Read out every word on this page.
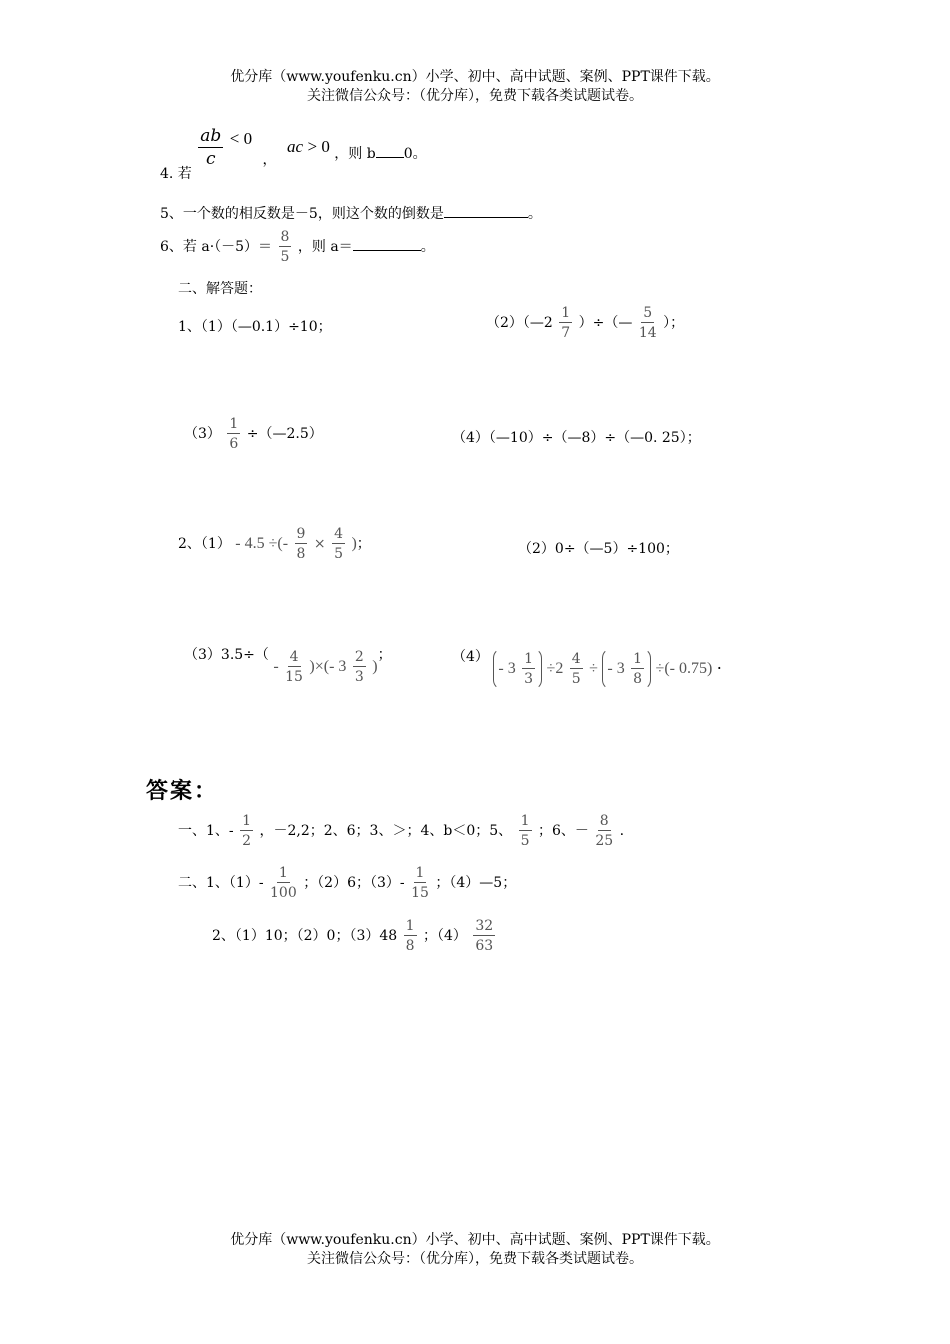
优分库（www.youfenku.cn）小学、初中、高中试题、案例、PPT课件下载。
关注微信公众号：（优分库），免费下载各类试题试卷。
4. 若
$\frac{ab}{c} < 0$ ， ac > 0 ，则 b 0。
5、一个数的相反数是－5，则这个数的倒数是	。
6、若 $a\cdot(-5)= \frac{8}{5}$ ，则 a＝	。
二、解答题：
1、（1）（—0.1）÷10；	（2）（—2 $\frac{1}{7}$ ）÷（— $\frac{5}{14}$ ）；
$(3) \frac{1}{6}$ ÷（—2.5）	（4）（—10）÷（—8）÷（—0. 25）；
2、（1） - 4.5 ÷(- $\frac{9}{8} \times \frac{4}{5}$ )；	（2）0÷（—5）÷100；
$(3)3.5\div( - \frac{4}{15}$ )×(- $3 \frac{2}{3}$ )；	$(4) - 3 \frac{1}{3} \div 2 \frac{4}{5}$ ÷ - $3 \frac{1}{8}$ ÷(- 0.75) .
答案：
一、1、- $\frac{1}{2}$ ，－2,2；2、6；3、＞；4、b＜0；5、 $\frac{1}{5}$ ；6、－ $\frac{8}{25}$ .
二、1、$(1)- \frac{1}{100}$ ；（2）6；$(3)- \frac{1}{15}$ ；（4）—5；
2、（1）10；（2）0；$(3)48 \frac{1}{8}$ ；$(4) \frac{32}{63}$
优分库（www.youfenku.cn）小学、初中、高中试题、案例、PPT课件下载。
关注微信公众号：（优分库），免费下载各类试题试卷。
